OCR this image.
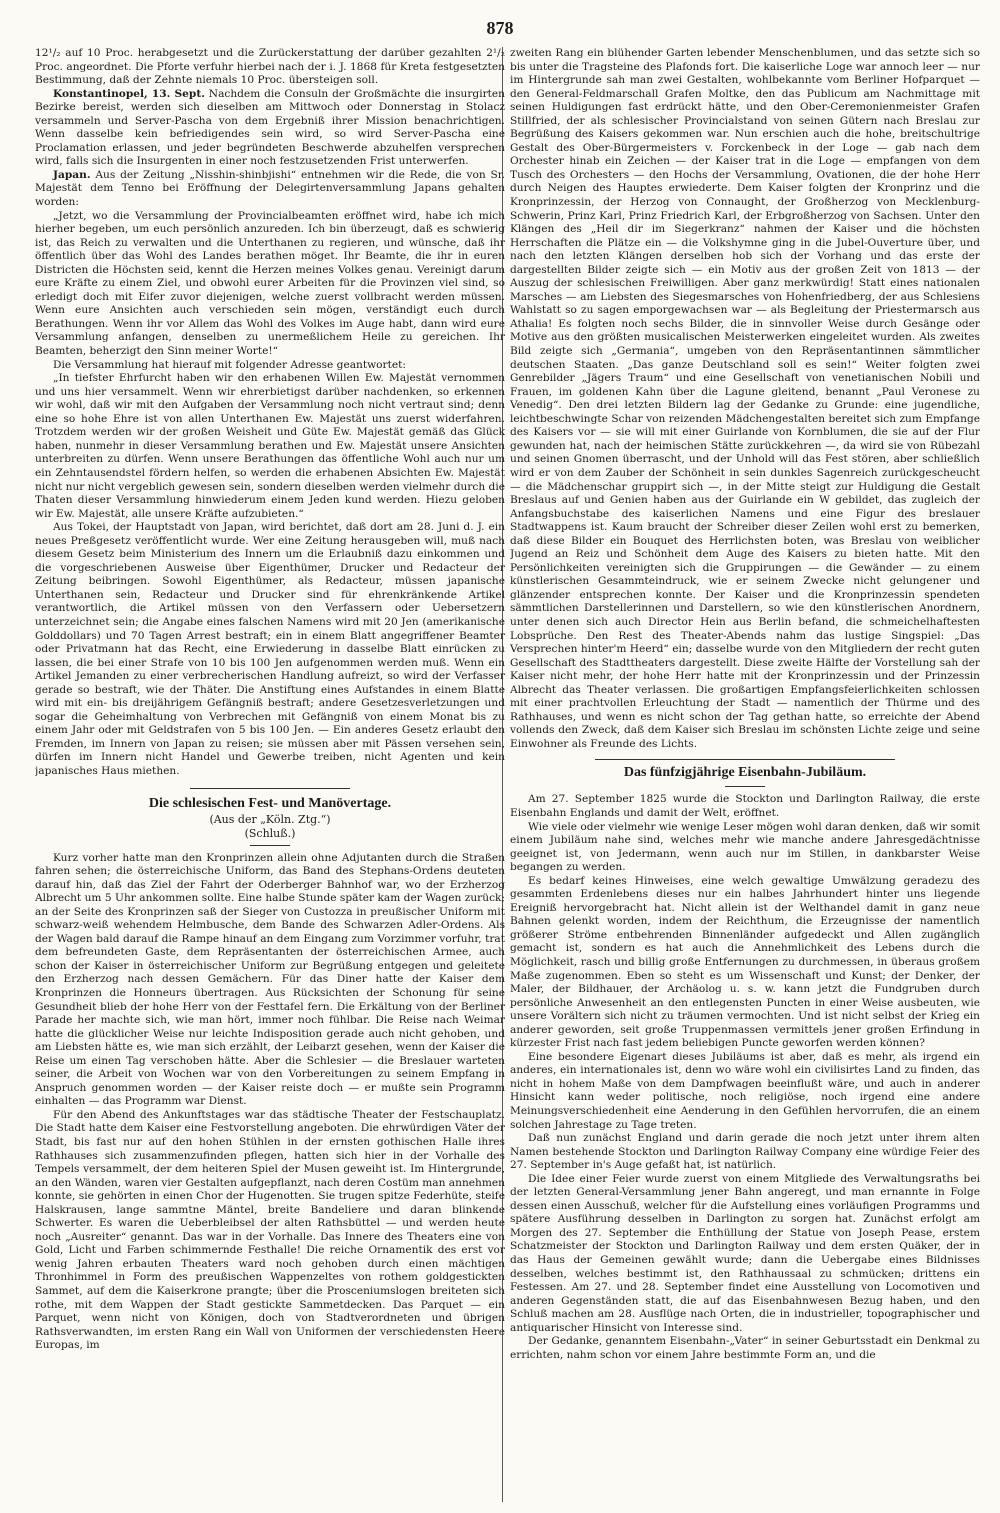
878

12¹/₂ auf 10 Proc. herabgesetzt und die Zurückerstattung der darüber gezahlten 2¹/₂ Proc. angeordnet. Die Pforte verfuhr hierbei nach der i. J. 1868 für Kreta festgesetzten Bestimmung, daß der Zehnte niemals 10 Proc. übersteigen soll.

Konstantinopel, 13. Sept. Nachdem die Consuln der Großmächte die insurgirten Bezirke bereist, werden sich dieselben am Mittwoch oder Donnerstag in Stolacz versammeln und Server-Pascha von dem Ergebniß ihrer Mission benachrichtigen. Wenn dasselbe kein befriedigendes sein wird, so wird Server-Pascha eine Proclamation erlassen, und jeder begründeten Beschwerde abzuhelfen versprechen wird, falls sich die Insurgenten in einer noch festzusetzenden Frist unterwerfen.

Japan. Aus der Zeitung „Nisshin-shinbjishi“ entnehmen wir die Rede, die von Sr. Majestät dem Tenno bei Eröffnung der Delegirtenversammlung Japans gehalten worden:

„Jetzt, wo die Versammlung der Provincialbeamten eröffnet wird, habe ich mich hierher begeben, um euch persönlich anzureden. Ich bin überzeugt, daß es schwierig ist, das Reich zu verwalten und die Unterthanen zu regieren, und wünsche, daß ihr öffentlich über das Wohl des Landes berathen möget. Ihr Beamte, die ihr in euren Districten die Höchsten seid, kennt die Herzen meines Volkes genau. Vereinigt darum eure Kräfte zu einem Ziel, und obwohl eurer Arbeiten für die Provinzen viel sind, so erledigt doch mit Eifer zuvor diejenigen, welche zuerst vollbracht werden müssen. Wenn eure Ansichten auch verschieden sein mögen, verständigt euch durch Berathungen. Wenn ihr vor Allem das Wohl des Volkes im Auge habt, dann wird eure Versammlung anfangen, denselben zu unermeßlichem Heile zu gereichen. Ihr Beamten, beherzigt den Sinn meiner Worte!“

Die Versammlung hat hierauf mit folgender Adresse geantwortet:

„In tiefster Ehrfurcht haben wir den erhabenen Willen Ew. Majestät vernommen und uns hier versammelt. Wenn wir ehrerbietigst darüber nachdenken, so erkennen wir wohl, daß wir mit den Aufgaben der Versammlung noch nicht vertraut sind; denn eine so hohe Ehre ist von allen Unterthanen Ew. Majestät uns zuerst widerfahren. Trotzdem werden wir der großen Weisheit und Güte Ew. Majestät gemäß das Glück haben, nunmehr in dieser Versammlung berathen und Ew. Majestät unsere Ansichten unterbreiten zu dürfen. Wenn unsere Berathungen das öffentliche Wohl auch nur um ein Zehntausendstel fördern helfen, so werden die erhabenen Absichten Ew. Majestät nicht nur nicht vergeblich gewesen sein, sondern dieselben werden vielmehr durch die Thaten dieser Versammlung hinwiederum einem Jeden kund werden. Hiezu geloben wir Ew. Majestät, alle unsere Kräfte aufzubieten.“

Aus Tokei, der Hauptstadt von Japan, wird berichtet, daß dort am 28. Juni d. J. ein neues Preßgesetz veröffentlicht wurde. Wer eine Zeitung herausgeben will, muß nach diesem Gesetz beim Ministerium des Innern um die Erlaubniß dazu einkommen und die vorgeschriebenen Ausweise über Eigenthümer, Drucker und Redacteur der Zeitung beibringen. Sowohl Eigenthümer, als Redacteur, müssen japanische Unterthanen sein, Redacteur und Drucker sind für ehrenkränkende Artikel verantwortlich, die Artikel müssen von den Verfassern oder Uebersetzern unterzeichnet sein; die Angabe eines falschen Namens wird mit 20 Jen (amerikanische Golddollars) und 70 Tagen Arrest bestraft; ein in einem Blatt angegriffener Beamter oder Privatmann hat das Recht, eine Erwiederung in dasselbe Blatt einrücken zu lassen, die bei einer Strafe von 10 bis 100 Jen aufgenommen werden muß. Wenn ein Artikel Jemanden zu einer verbrecherischen Handlung aufreizt, so wird der Verfasser gerade so bestraft, wie der Thäter. Die Anstiftung eines Aufstandes in einem Blatte wird mit ein- bis dreijährigem Gefängniß bestraft; andere Gesetzesverletzungen und sogar die Geheimhaltung von Verbrechen mit Gefängniß von einem Monat bis zu einem Jahr oder mit Geldstrafen von 5 bis 100 Jen. — Ein anderes Gesetz erlaubt den Fremden, im Innern von Japan zu reisen; sie müssen aber mit Pässen versehen sein, dürfen im Innern nicht Handel und Gewerbe treiben, nicht Agenten und kein japanisches Haus miethen.

Die schlesischen Fest- und Manövertage.

(Aus der „Köln. Ztg.“)

(Schluß.)

Kurz vorher hatte man den Kronprinzen allein ohne Adjutanten durch die Straßen fahren sehen; die österreichische Uniform, das Band des Stephans-Ordens deuteten darauf hin, daß das Ziel der Fahrt der Oderberger Bahnhof war, wo der Erzherzog Albrecht um 5 Uhr ankommen sollte. Eine halbe Stunde später kam der Wagen zurück; an der Seite des Kronprinzen saß der Sieger von Custozza in preußischer Uniform mit schwarz-weiß wehendem Helmbusche, dem Bande des Schwarzen Adler-Ordens. Als der Wagen bald darauf die Rampe hinauf an dem Eingang zum Vorzimmer vorfuhr, trat dem befreundeten Gaste, dem Repräsentanten der österreichischen Armee, auch schon der Kaiser in österreichischer Uniform zur Begrüßung entgegen und geleitete den Erzherzog nach dessen Gemächern. Für das Diner hatte der Kaiser dem Kronprinzen die Honneurs übertragen. Aus Rücksichten der Schonung für seine Gesundheit blieb der hohe Herr von der Festtafel fern. Die Erkältung von der Berliner Parade her machte sich, wie man hört, immer noch fühlbar. Die Reise nach Weimar hatte die glücklicher Weise nur leichte Indisposition gerade auch nicht gehoben, und am Liebsten hätte es, wie man sich erzählt, der Leibarzt gesehen, wenn der Kaiser die Reise um einen Tag verschoben hätte. Aber die Schlesier — die Breslauer warteten seiner, die Arbeit von Wochen war von den Vorbereitungen zu seinem Empfang in Anspruch genommen worden — der Kaiser reiste doch — er mußte sein Programm einhalten — das Programm war Dienst.

Für den Abend des Ankunftstages war das städtische Theater der Festschauplatz. Die Stadt hatte dem Kaiser eine Festvorstellung angeboten. Die ehrwürdigen Väter der Stadt, bis fast nur auf den hohen Stühlen in der ernsten gothischen Halle ihres Rathhauses sich zusammenzufinden pflegen, hatten sich hier in der Vorhalle des Tempels versammelt, der dem heiteren Spiel der Musen geweiht ist. Im Hintergrunde, an den Wänden, waren vier Gestalten aufgepflanzt, nach deren Costüm man annehmen konnte, sie gehörten in einen Chor der Hugenotten. Sie trugen spitze Federhüte, steife Halskrausen, lange sammtne Mäntel, breite Bandeliere und daran blinkende Schwerter. Es waren die Ueberbleibsel der alten Rathsbüttel — und werden heute noch „Ausreiter“ genannt. Das war in der Vorhalle. Das Innere des Theaters eine von Gold, Licht und Farben schimmernde Festhalle! Die reiche Ornamentik des erst vor wenig Jahren erbauten Theaters ward noch gehoben durch einen mächtigen Thronhimmel in Form des preußischen Wappenzeltes von rothem goldgestickten Sammet, auf dem die Kaiserkrone prangte; über die Prosceniumslogen breiteten sich rothe, mit dem Wappen der Stadt gestickte Sammetdecken. Das Parquet — ein Parquet, wenn nicht von Königen, doch von Stadtverordneten und übrigen Rathsverwandten, im ersten Rang ein Wall von Uniformen der verschiedensten Heere Europas, im

zweiten Rang ein blühender Garten lebender Menschenblumen, und das setzte sich so bis unter die Tragsteine des Plafonds fort. Die kaiserliche Loge war annoch leer — nur im Hintergrunde sah man zwei Gestalten, wohlbekannte vom Berliner Hofparquet — den General-Feldmarschall Grafen Moltke, den das Publicum am Nachmittage mit seinen Huldigungen fast erdrückt hätte, und den Ober-Ceremonienmeister Grafen Stillfried, der als schlesischer Provincialstand von seinen Gütern nach Breslau zur Begrüßung des Kaisers gekommen war. Nun erschien auch die hohe, breitschultrige Gestalt des Ober-Bürgermeisters v. Forckenbeck in der Loge — gab nach dem Orchester hinab ein Zeichen — der Kaiser trat in die Loge — empfangen von dem Tusch des Orchesters — den Hochs der Versammlung, Ovationen, die der hohe Herr durch Neigen des Hauptes erwiederte. Dem Kaiser folgten der Kronprinz und die Kronprinzessin, der Herzog von Connaught, der Großherzog von Mecklenburg-Schwerin, Prinz Karl, Prinz Friedrich Karl, der Erbgroßherzog von Sachsen. Unter den Klängen des „Heil dir im Siegerkranz“ nahmen der Kaiser und die höchsten Herrschaften die Plätze ein — die Volkshymne ging in die Jubel-Ouverture über, und nach den letzten Klängen derselben hob sich der Vorhang und das erste der dargestellten Bilder zeigte sich — ein Motiv aus der großen Zeit von 1813 — der Auszug der schlesischen Freiwilligen. Aber ganz merkwürdig! Statt eines nationalen Marsches — am Liebsten des Siegesmarsches von Hohenfriedberg, der aus Schlesiens Wahlstatt so zu sagen emporgewachsen war — als Begleitung der Priestermarsch aus Athalia! Es folgten noch sechs Bilder, die in sinnvoller Weise durch Gesänge oder Motive aus den größten musicalischen Meisterwerken eingeleitet wurden. Als zweites Bild zeigte sich „Germania“, umgeben von den Repräsentantinnen sämmtlicher deutschen Staaten. „Das ganze Deutschland soll es sein!“ Weiter folgten zwei Genrebilder „Jägers Traum“ und eine Gesellschaft von venetianischen Nobili und Frauen, im goldenen Kahn über die Lagune gleitend, benannt „Paul Veronese zu Venedig“. Den drei letzten Bildern lag der Gedanke zu Grunde: eine jugendliche, leichtbeschwingte Schar von reizenden Mädchengestalten bereitet sich zum Empfange des Kaisers vor — sie will mit einer Guirlande von Kornblumen, die sie auf der Flur gewunden hat, nach der heimischen Stätte zurückkehren —, da wird sie von Rübezahl und seinen Gnomen überrascht, und der Unhold will das Fest stören, aber schließlich wird er von dem Zauber der Schönheit in sein dunkles Sagenreich zurückgescheucht — die Mädchenschar gruppirt sich —, in der Mitte steigt zur Huldigung die Gestalt Breslaus auf und Genien haben aus der Guirlande ein W gebildet, das zugleich der Anfangsbuchstabe des kaiserlichen Namens und eine Figur des breslauer Stadtwappens ist. Kaum braucht der Schreiber dieser Zeilen wohl erst zu bemerken, daß diese Bilder ein Bouquet des Herrlichsten boten, was Breslau von weiblicher Jugend an Reiz und Schönheit dem Auge des Kaisers zu bieten hatte. Mit den Persönlichkeiten vereinigten sich die Gruppirungen — die Gewänder — zu einem künstlerischen Gesammteindruck, wie er seinem Zwecke nicht gelungener und glänzender entsprechen konnte. Der Kaiser und die Kronprinzessin spendeten sämmtlichen Darstellerinnen und Darstellern, so wie den künstlerischen Anordnern, unter denen sich auch Director Hein aus Berlin befand, die schmeichelhaftesten Lobsprüche. Den Rest des Theater-Abends nahm das lustige Singspiel: „Das Versprechen hinter'm Heerd“ ein; dasselbe wurde von den Mitgliedern der recht guten Gesellschaft des Stadttheaters dargestellt. Diese zweite Hälfte der Vorstellung sah der Kaiser nicht mehr, der hohe Herr hatte mit der Kronprinzessin und der Prinzessin Albrecht das Theater verlassen. Die großartigen Empfangsfeierlichkeiten schlossen mit einer prachtvollen Erleuchtung der Stadt — namentlich der Thürme und des Rathhauses, und wenn es nicht schon der Tag gethan hatte, so erreichte der Abend vollends den Zweck, daß dem Kaiser sich Breslau im schönsten Lichte zeige und seine Einwohner als Freunde des Lichts.

Das fünfzigjährige Eisenbahn-Jubiläum.

Am 27. September 1825 wurde die Stockton und Darlington Railway, die erste Eisenbahn Englands und damit der Welt, eröffnet.

Wie viele oder vielmehr wie wenige Leser mögen wohl daran denken, daß wir somit einem Jubiläum nahe sind, welches mehr wie manche andere Jahresgedächtnisse geeignet ist, von Jedermann, wenn auch nur im Stillen, in dankbarster Weise begangen zu werden.

Es bedarf keines Hinweises, eine welch gewaltige Umwälzung geradezu des gesammten Erdenlebens dieses nur ein halbes Jahrhundert hinter uns liegende Ereigniß hervorgebracht hat. Nicht allein ist der Welthandel damit in ganz neue Bahnen gelenkt worden, indem der Reichthum, die Erzeugnisse der namentlich größerer Ströme entbehrenden Binnenländer aufgedeckt und Allen zugänglich gemacht ist, sondern es hat auch die Annehmlichkeit des Lebens durch die Möglichkeit, rasch und billig große Entfernungen zu durchmessen, in überaus großem Maße zugenommen. Eben so steht es um Wissenschaft und Kunst; der Denker, der Maler, der Bildhauer, der Archäolog u. s. w. kann jetzt die Fundgruben durch persönliche Anwesenheit an den entlegensten Puncten in einer Weise ausbeuten, wie unsere Vorältern sich nicht zu träumen vermochten. Und ist nicht selbst der Krieg ein anderer geworden, seit große Truppenmassen vermittels jener großen Erfindung in kürzester Frist nach fast jedem beliebigen Puncte geworfen werden können?

Eine besondere Eigenart dieses Jubiläums ist aber, daß es mehr, als irgend ein anderes, ein internationales ist, denn wo wäre wohl ein civilisirtes Land zu finden, das nicht in hohem Maße von dem Dampfwagen beeinflußt wäre, und auch in anderer Hinsicht kann weder politische, noch religiöse, noch irgend eine andere Meinungsverschiedenheit eine Aenderung in den Gefühlen hervorrufen, die an einem solchen Jahrestage zu Tage treten.

Daß nun zunächst England und darin gerade die noch jetzt unter ihrem alten Namen bestehende Stockton und Darlington Railway Company eine würdige Feier des 27. September in's Auge gefaßt hat, ist natürlich.

Die Idee einer Feier wurde zuerst von einem Mitgliede des Verwaltungsraths bei der letzten General-Versammlung jener Bahn angeregt, und man ernannte in Folge dessen einen Ausschuß, welcher für die Aufstellung eines vorläufigen Programms und spätere Ausführung desselben in Darlington zu sorgen hat. Zunächst erfolgt am Morgen des 27. September die Enthüllung der Statue von Joseph Pease, erstem Schatzmeister der Stockton und Darlington Railway und dem ersten Quäker, der in das Haus der Gemeinen gewählt wurde; dann die Uebergabe eines Bildnisses desselben, welches bestimmt ist, den Rathhaussaal zu schmücken; drittens ein Festessen. Am 27. und 28. September findet eine Ausstellung von Locomotiven und anderen Gegenständen statt, die auf das Eisenbahnwesen Bezug haben, und den Schluß machen am 28. Ausflüge nach Orten, die in industrieller, topographischer und antiquarischer Hinsicht von Interesse sind.

Der Gedanke, genanntem Eisenbahn-„Vater“ in seiner Geburtsstadt ein Denkmal zu errichten, nahm schon vor einem Jahre bestimmte Form an, und die
